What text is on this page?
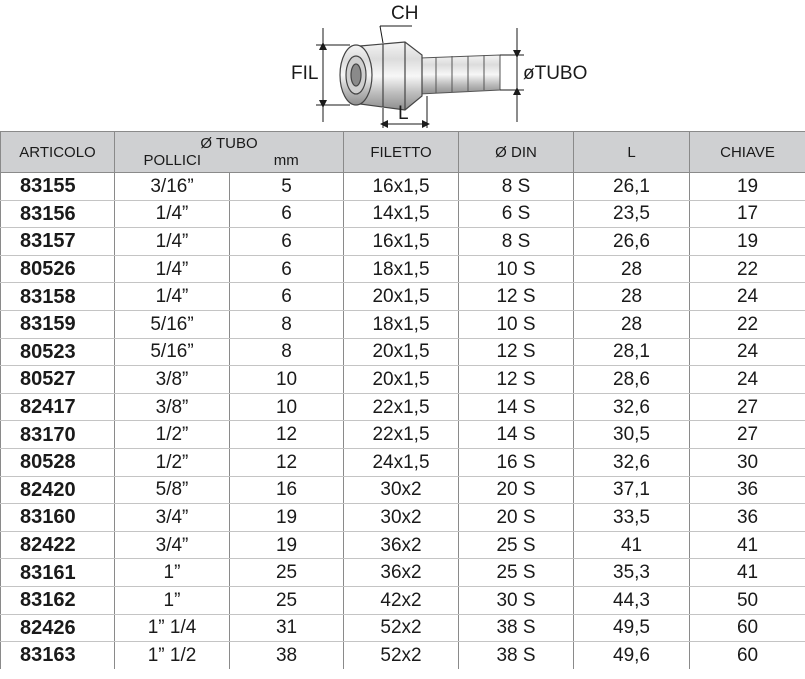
CH
FIL	øTUBO
L
ARTICOLO	Ø TUBO		FILETTO	Ø DIN	L	CHIAVE
	POLLICI	mm				
83155	3/16”	5	16x1,5	8 S	26,1	19
83156	1/4”	6	14x1,5	6 S	23,5	17
83157	1/4”	6	16x1,5	8 S	26,6	19
80526	1/4”	6	18x1,5	10 S	28	22
83158	1/4”	6	20x1,5	12 S	28	24
83159	5/16”	8	18x1,5	10 S	28	22
80523	5/16”	8	20x1,5	12 S	28,1	24
80527	3/8”	10	20x1,5	12 S	28,6	24
82417	3/8”	10	22x1,5	14 S	32,6	27
83170	1/2”	12	22x1,5	14 S	30,5	27
80528	1/2”	12	24x1,5	16 S	32,6	30
82420	5/8”	16	30x2	20 S	37,1	36
83160	3/4”	19	30x2	20 S	33,5	36
82422	3/4”	19	36x2	25 S	41	41
83161	1”	25	36x2	25 S	35,3	41
83162	1”	25	42x2	30 S	44,3	50
82426	1” 1/4	31	52x2	38 S	49,5	60
83163	1” 1/2	38	52x2	38 S	49,6	60
